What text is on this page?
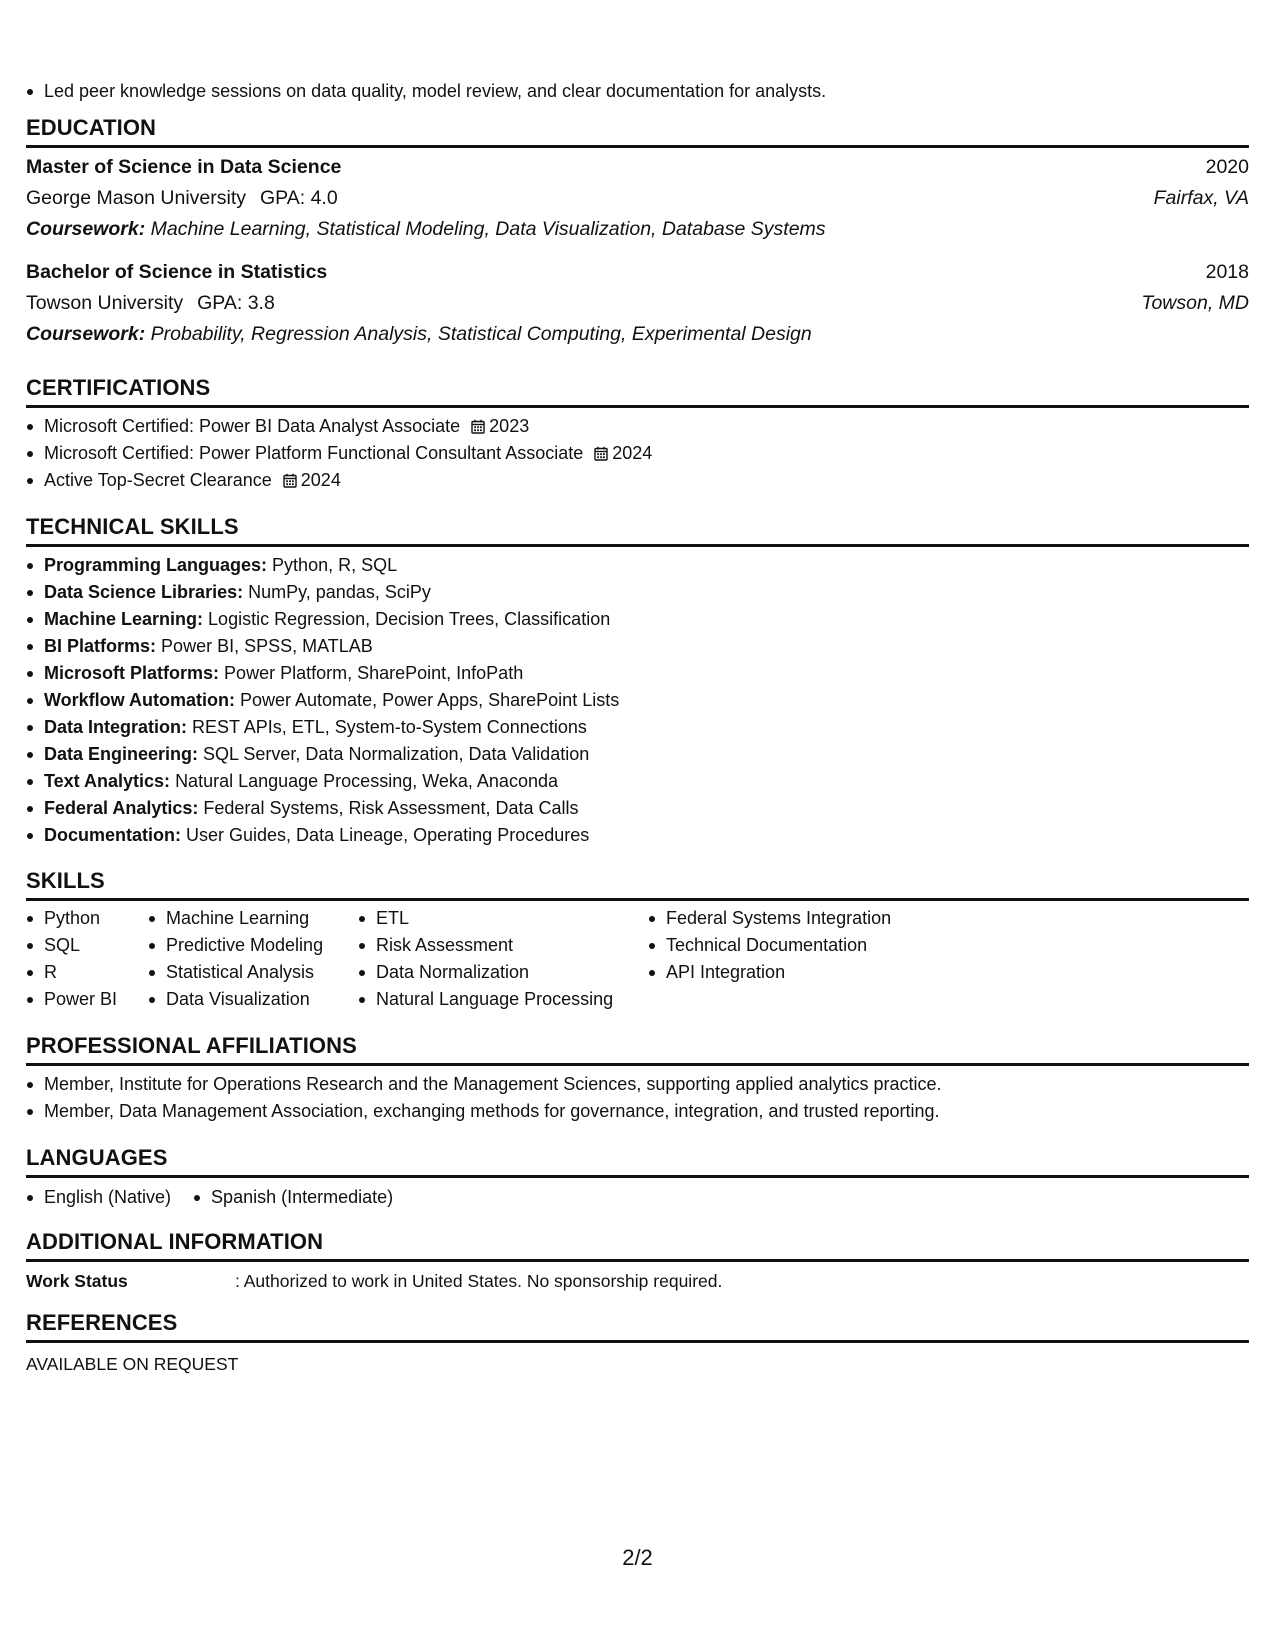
Led peer knowledge sessions on data quality, model review, and clear documentation for analysts.
EDUCATION
Master of Science in Data Science	2020
George Mason University GPA: 4.0	Fairfax, VA
Coursework: Machine Learning, Statistical Modeling, Data Visualization, Database Systems
Bachelor of Science in Statistics	2018
Towson University GPA: 3.8	Towson, MD
Coursework: Probability, Regression Analysis, Statistical Computing, Experimental Design
CERTIFICATIONS
Microsoft Certified: Power BI Data Analyst Associate 2023
Microsoft Certified: Power Platform Functional Consultant Associate 2024
Active Top-Secret Clearance 2024
TECHNICAL SKILLS
Programming Languages: Python, R, SQL
Data Science Libraries: NumPy, pandas, SciPy
Machine Learning: Logistic Regression, Decision Trees, Classification
BI Platforms: Power BI, SPSS, MATLAB
Microsoft Platforms: Power Platform, SharePoint, InfoPath
Workflow Automation: Power Automate, Power Apps, SharePoint Lists
Data Integration: REST APIs, ETL, System-to-System Connections
Data Engineering: SQL Server, Data Normalization, Data Validation
Text Analytics: Natural Language Processing, Weka, Anaconda
Federal Analytics: Federal Systems, Risk Assessment, Data Calls
Documentation: User Guides, Data Lineage, Operating Procedures
SKILLS
Python
SQL
R
Power BI
Machine Learning
Predictive Modeling
Statistical Analysis
Data Visualization
ETL
Risk Assessment
Data Normalization
Natural Language Processing
Federal Systems Integration
Technical Documentation
API Integration
PROFESSIONAL AFFILIATIONS
Member, Institute for Operations Research and the Management Sciences, supporting applied analytics practice.
Member, Data Management Association, exchanging methods for governance, integration, and trusted reporting.
LANGUAGES
English (Native)	Spanish (Intermediate)
ADDITIONAL INFORMATION
Work Status	: Authorized to work in United States. No sponsorship required.
REFERENCES
AVAILABLE ON REQUEST
2/2
